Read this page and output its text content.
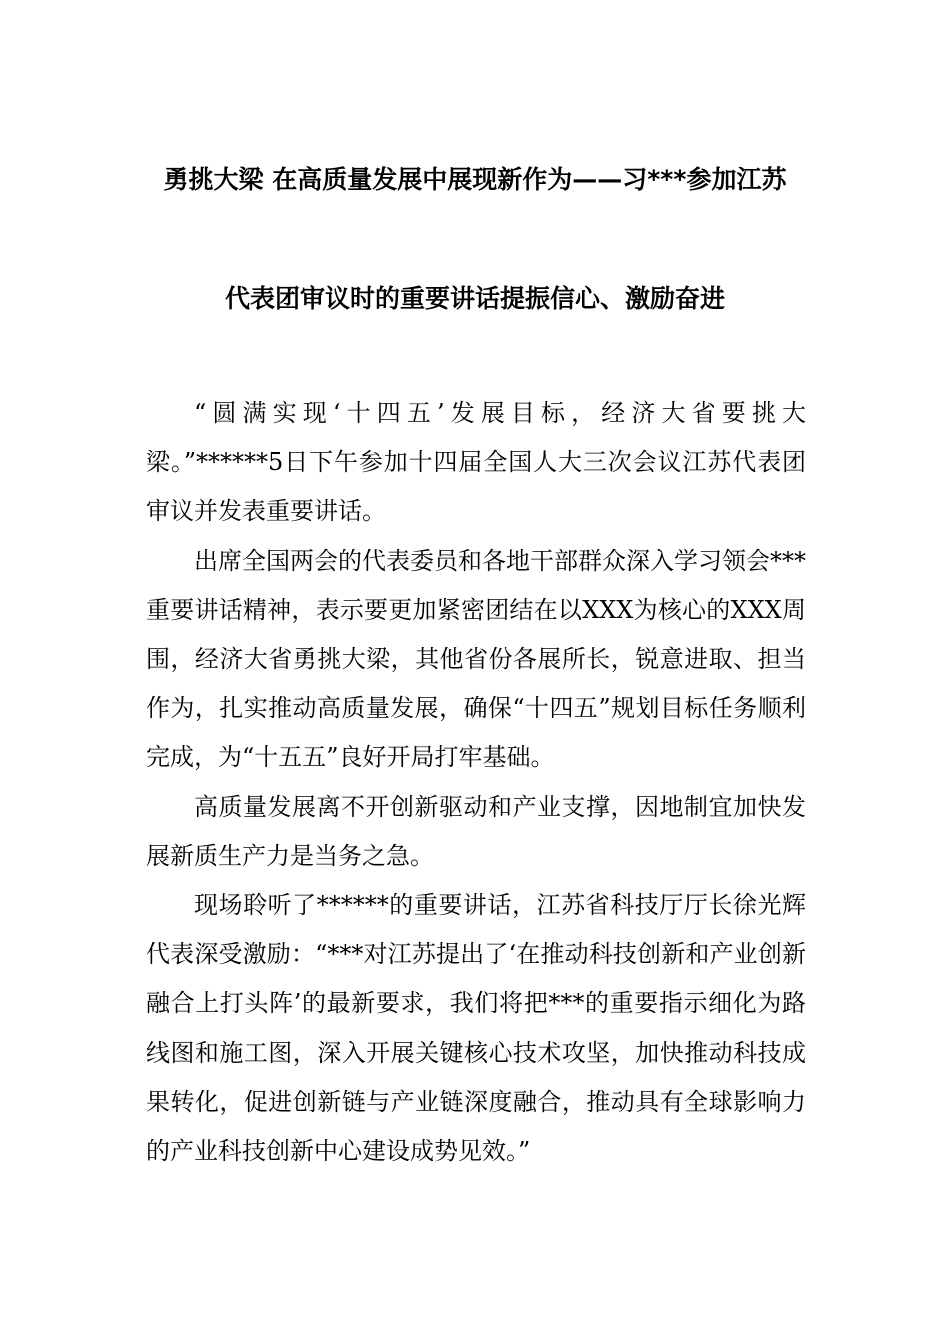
勇挑大梁 在高质量发展中展现新作为——习***参加江苏
代表团审议时的重要讲话提振信心、激励奋进

“圆满实现‘十四五’发展目标，经济大省要挑大梁。”******5日下午参加十四届全国人大三次会议江苏代表团审议并发表重要讲话。

出席全国两会的代表委员和各地干部群众深入学习领会***重要讲话精神，表示要更加紧密团结在以XXX为核心的XXX周围，经济大省勇挑大梁，其他省份各展所长，锐意进取、担当作为，扎实推动高质量发展，确保“十四五”规划目标任务顺利完成，为“十五五”良好开局打牢基础。

高质量发展离不开创新驱动和产业支撑，因地制宜加快发展新质生产力是当务之急。

现场聆听了******的重要讲话，江苏省科技厅厅长徐光辉代表深受激励：“***对江苏提出了‘在推动科技创新和产业创新融合上打头阵’的最新要求，我们将把***的重要指示细化为路线图和施工图，深入开展关键核心技术攻坚，加快推动科技成果转化，促进创新链与产业链深度融合，推动具有全球影响力的产业科技创新中心建设成势见效。”
